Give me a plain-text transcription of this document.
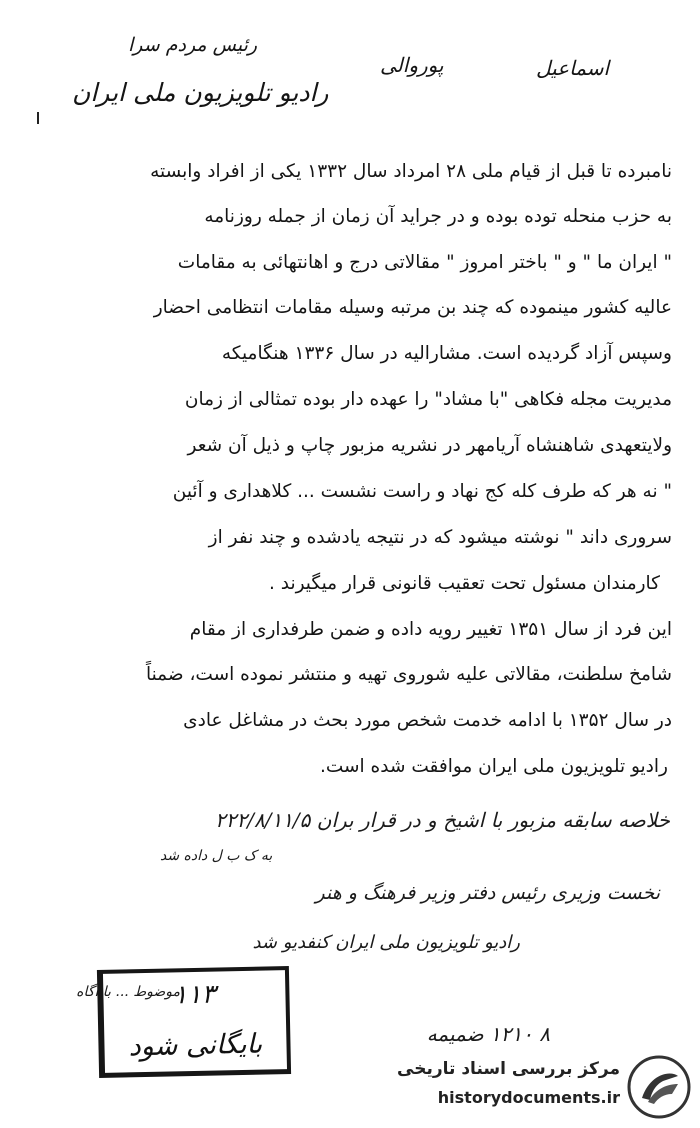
اسماعیل
پوروالی
رئیس مردم سرا
رادیو تلویزیون ملی ایران
نامبرده تا قبل از قیام ملی ۲۸ امرداد سال ۱۳۳۲ یکی از افراد وابسته
به حزب منحله توده بوده و در جراید آن زمان از جمله روزنامه
" ایران ما " و " باختر امروز " مقالاتی درج و اهانتهائی به مقامات
عالیه کشور مینموده که چند بن مرتبه وسیله مقامات انتظامی احضار
وسپس آزاد گردیده است. مشارالیه در سال ۱۳۳۶ هنگامیکه
مدیریت مجله فکاهی "با مشاد" را عهده دار بوده تمثالی از زمان
ولایتعهدی شاهنشاه آریامهر در نشریه مزبور چاپ و ذیل آن شعر
" نه هر که طرف کله کج نهاد و راست نشست ... کلاهداری و آئین
سروری داند " نوشته میشود که در نتیجه یادشده و چند نفر از
کارمندان مسئول تحت تعقیب قانونی قرار میگیرند .
این فرد از سال ۱۳۵۱ تغییر رویه داده و ضمن طرفداری از مقام
شامخ سلطنت، مقالاتی علیه شوروی تهیه و منتشر نموده است، ضمناً
در سال ۱۳۵۲ با ادامه خدمت شخص مورد بحث در مشاغل عادی
رادیو تلویزیون ملی ایران موافقت شده است.
خلاصه سابقه مزبور با اشیخ و در قرار بران ۲۲۲/۸/۱۱/۵
به ک ب ل داده شد
نخست وزیری رئیس دفتر وزیر فرهنگ و هنر
رادیو تلویزیون ملی ایران کنفدیو شد
موضوط ... با آگاه
۸ ۱۲۱۰ ضمیمه
۱۱۳
بایگانی شود
مرکز بررسی اسناد تاریخی
historydocuments.ir
